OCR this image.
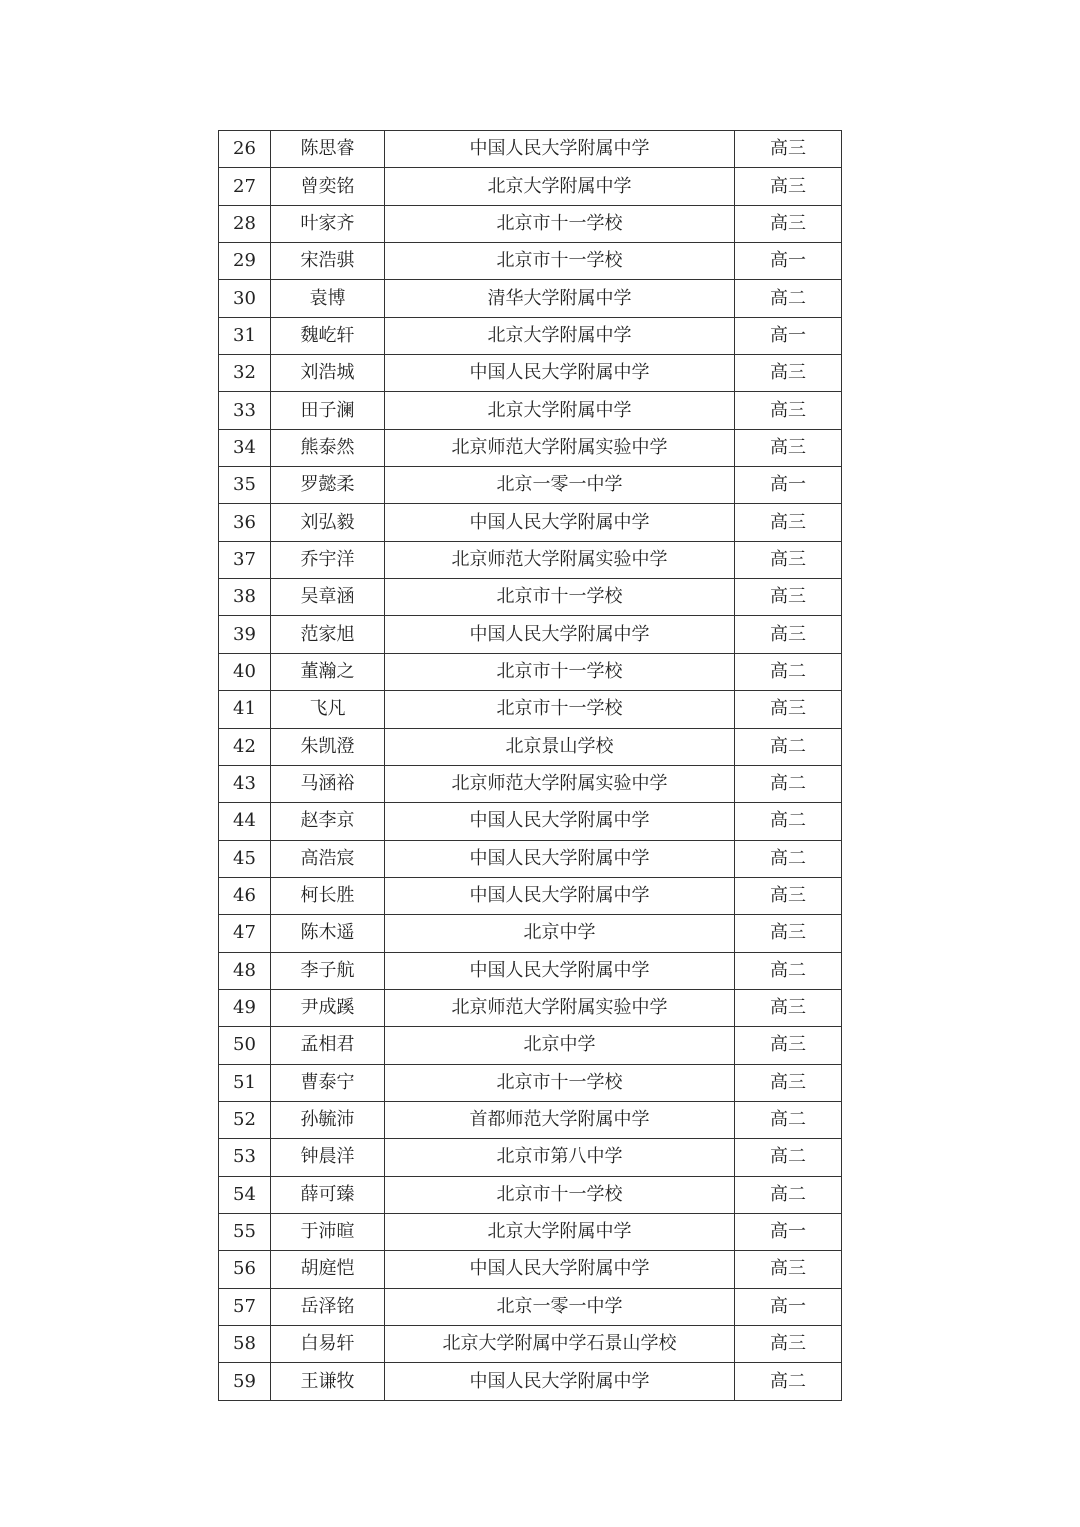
26	陈思睿	中国人民大学附属中学	高三
27	曾奕铭	北京大学附属中学	高三
28	叶家齐	北京市十一学校	高三
29	宋浩骐	北京市十一学校	高一
30	袁博	清华大学附属中学	高二
31	魏屹轩	北京大学附属中学	高一
32	刘浩城	中国人民大学附属中学	高三
33	田子澜	北京大学附属中学	高三
34	熊泰然	北京师范大学附属实验中学	高三
35	罗懿柔	北京一零一中学	高一
36	刘弘毅	中国人民大学附属中学	高三
37	乔宇洋	北京师范大学附属实验中学	高三
38	吴章涵	北京市十一学校	高三
39	范家旭	中国人民大学附属中学	高三
40	董瀚之	北京市十一学校	高二
41	飞凡	北京市十一学校	高三
42	朱凯澄	北京景山学校	高二
43	马涵裕	北京师范大学附属实验中学	高二
44	赵李京	中国人民大学附属中学	高二
45	高浩宸	中国人民大学附属中学	高二
46	柯长胜	中国人民大学附属中学	高三
47	陈木遥	北京中学	高三
48	李子航	中国人民大学附属中学	高二
49	尹成蹊	北京师范大学附属实验中学	高三
50	孟相君	北京中学	高三
51	曹泰宁	北京市十一学校	高三
52	孙毓沛	首都师范大学附属中学	高二
53	钟晨洋	北京市第八中学	高二
54	薛可臻	北京市十一学校	高二
55	于沛暄	北京大学附属中学	高一
56	胡庭恺	中国人民大学附属中学	高三
57	岳泽铭	北京一零一中学	高一
58	白易轩	北京大学附属中学石景山学校	高三
59	王谦牧	中国人民大学附属中学	高二
